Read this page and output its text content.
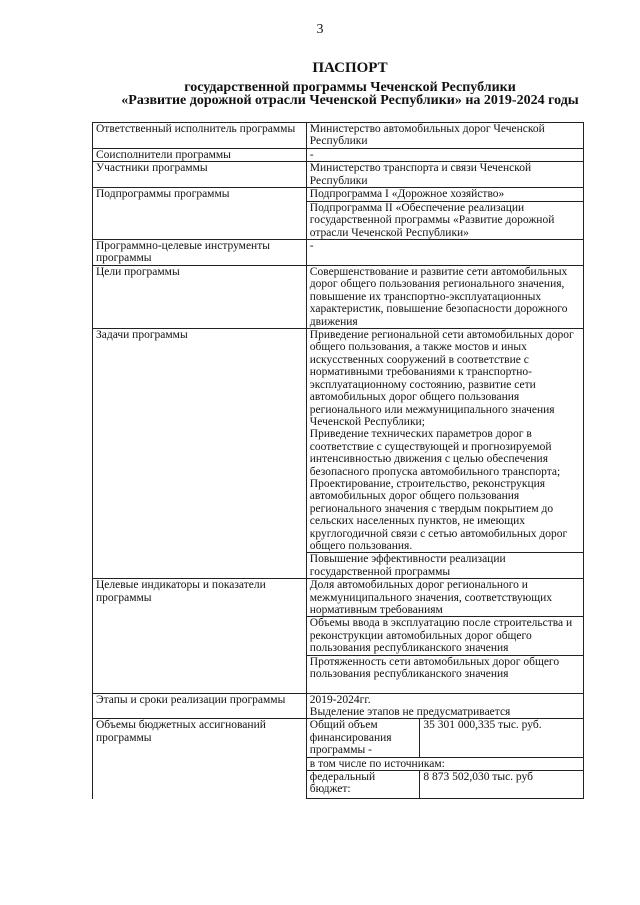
3
ПАСПОРТ
государственной программы Чеченской Республики
«Развитие дорожной отрасли Чеченской Республики» на 2019-2024 годы
Ответственный исполнитель программы	Министерство автомобильных дорог Чеченской Республики	
Соисполнители программы	-	
Участники программы	Министерство транспорта и связи Чеченской Республики	
Подпрограммы программы	Подпрограмма I «Дорожное хозяйство»	
	Подпрограмма II «Обеспечение реализации государственной программы «Развитие дорожной отрасли Чеченской Республики»	
Программно-целевые инструменты программы	-	
Цели программы	Совершенствование и развитие сети автомобильных дорог общего пользования регионального значения, повышение их транспортно-эксплуатационных характеристик, повышение безопасности дорожного движения	
Задачи программы	Приведение региональной сети автомобильных дорог общего пользования, а также мостов и иных искусственных сооружений в соответствие с нормативными требованиями к транспортно-эксплуатационному состоянию, развитие сети автомобильных дорог общего пользования регионального или межмуниципального значения Чеченской Республики;

Приведение технических параметров дорог в соответствие с существующей и прогнозируемой интенсивностью движения с целью обеспечения безопасного пропуска автомобильного транспорта;

Проектирование, строительство, реконструкция автомобильных дорог общего пользования регионального значения с твердым покрытием до сельских населенных пунктов, не имеющих круглогодичной связи с сетью автомобильных дорог общего пользования.	

	Повышение эффективности реализации государственной программы	
Целевые индикаторы и показатели программы	Доля автомобильных дорог регионального и межмуниципального значения, соответствующих нормативным требованиям	
	Объемы ввода в эксплуатацию после строительства и реконструкции автомобильных дорог общего пользования республиканского значения	
	Протяженность сети автомобильных дорог общего пользования республиканского значения	
Этапы и сроки реализации программы	2019-2024гг.

Выделение этапов не предусматривается	

Объемы бюджетных ассигнований программы	Общий объем финансирования программы -	35 301 000,335 тыс. руб.
	в том числе по источникам:	
	федеральный бюджет:	8 873 502,030 тыс. руб
